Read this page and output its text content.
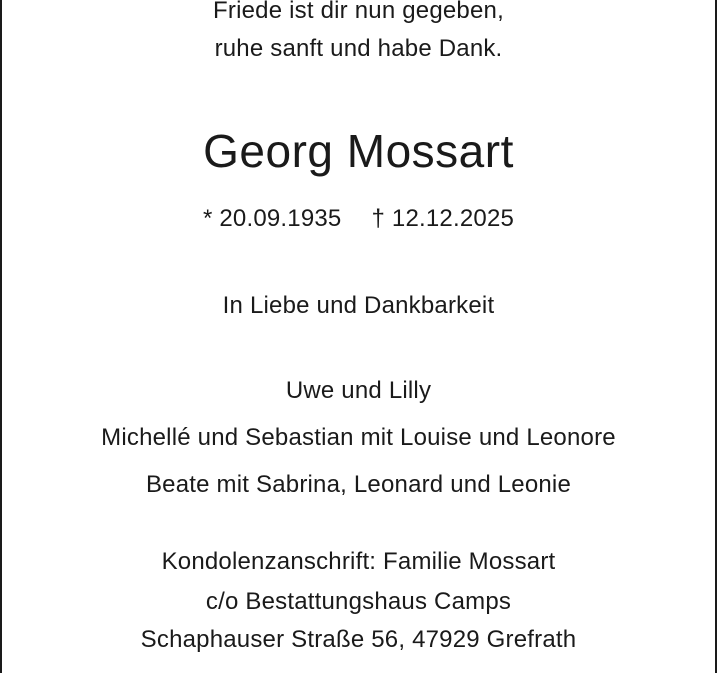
Friede ist dir nun gegeben,
ruhe sanft und habe Dank.
Georg Mossart
* 20.09.1935 † 12.12.2025
In Liebe und Dankbarkeit
Uwe und Lilly
Michellé und Sebastian mit Louise und Leonore
Beate mit Sabrina, Leonard und Leonie
Kondolenzanschrift: Familie Mossart
c/o Bestattungshaus Camps
Schaphauser Straße 56, 47929 Grefrath
